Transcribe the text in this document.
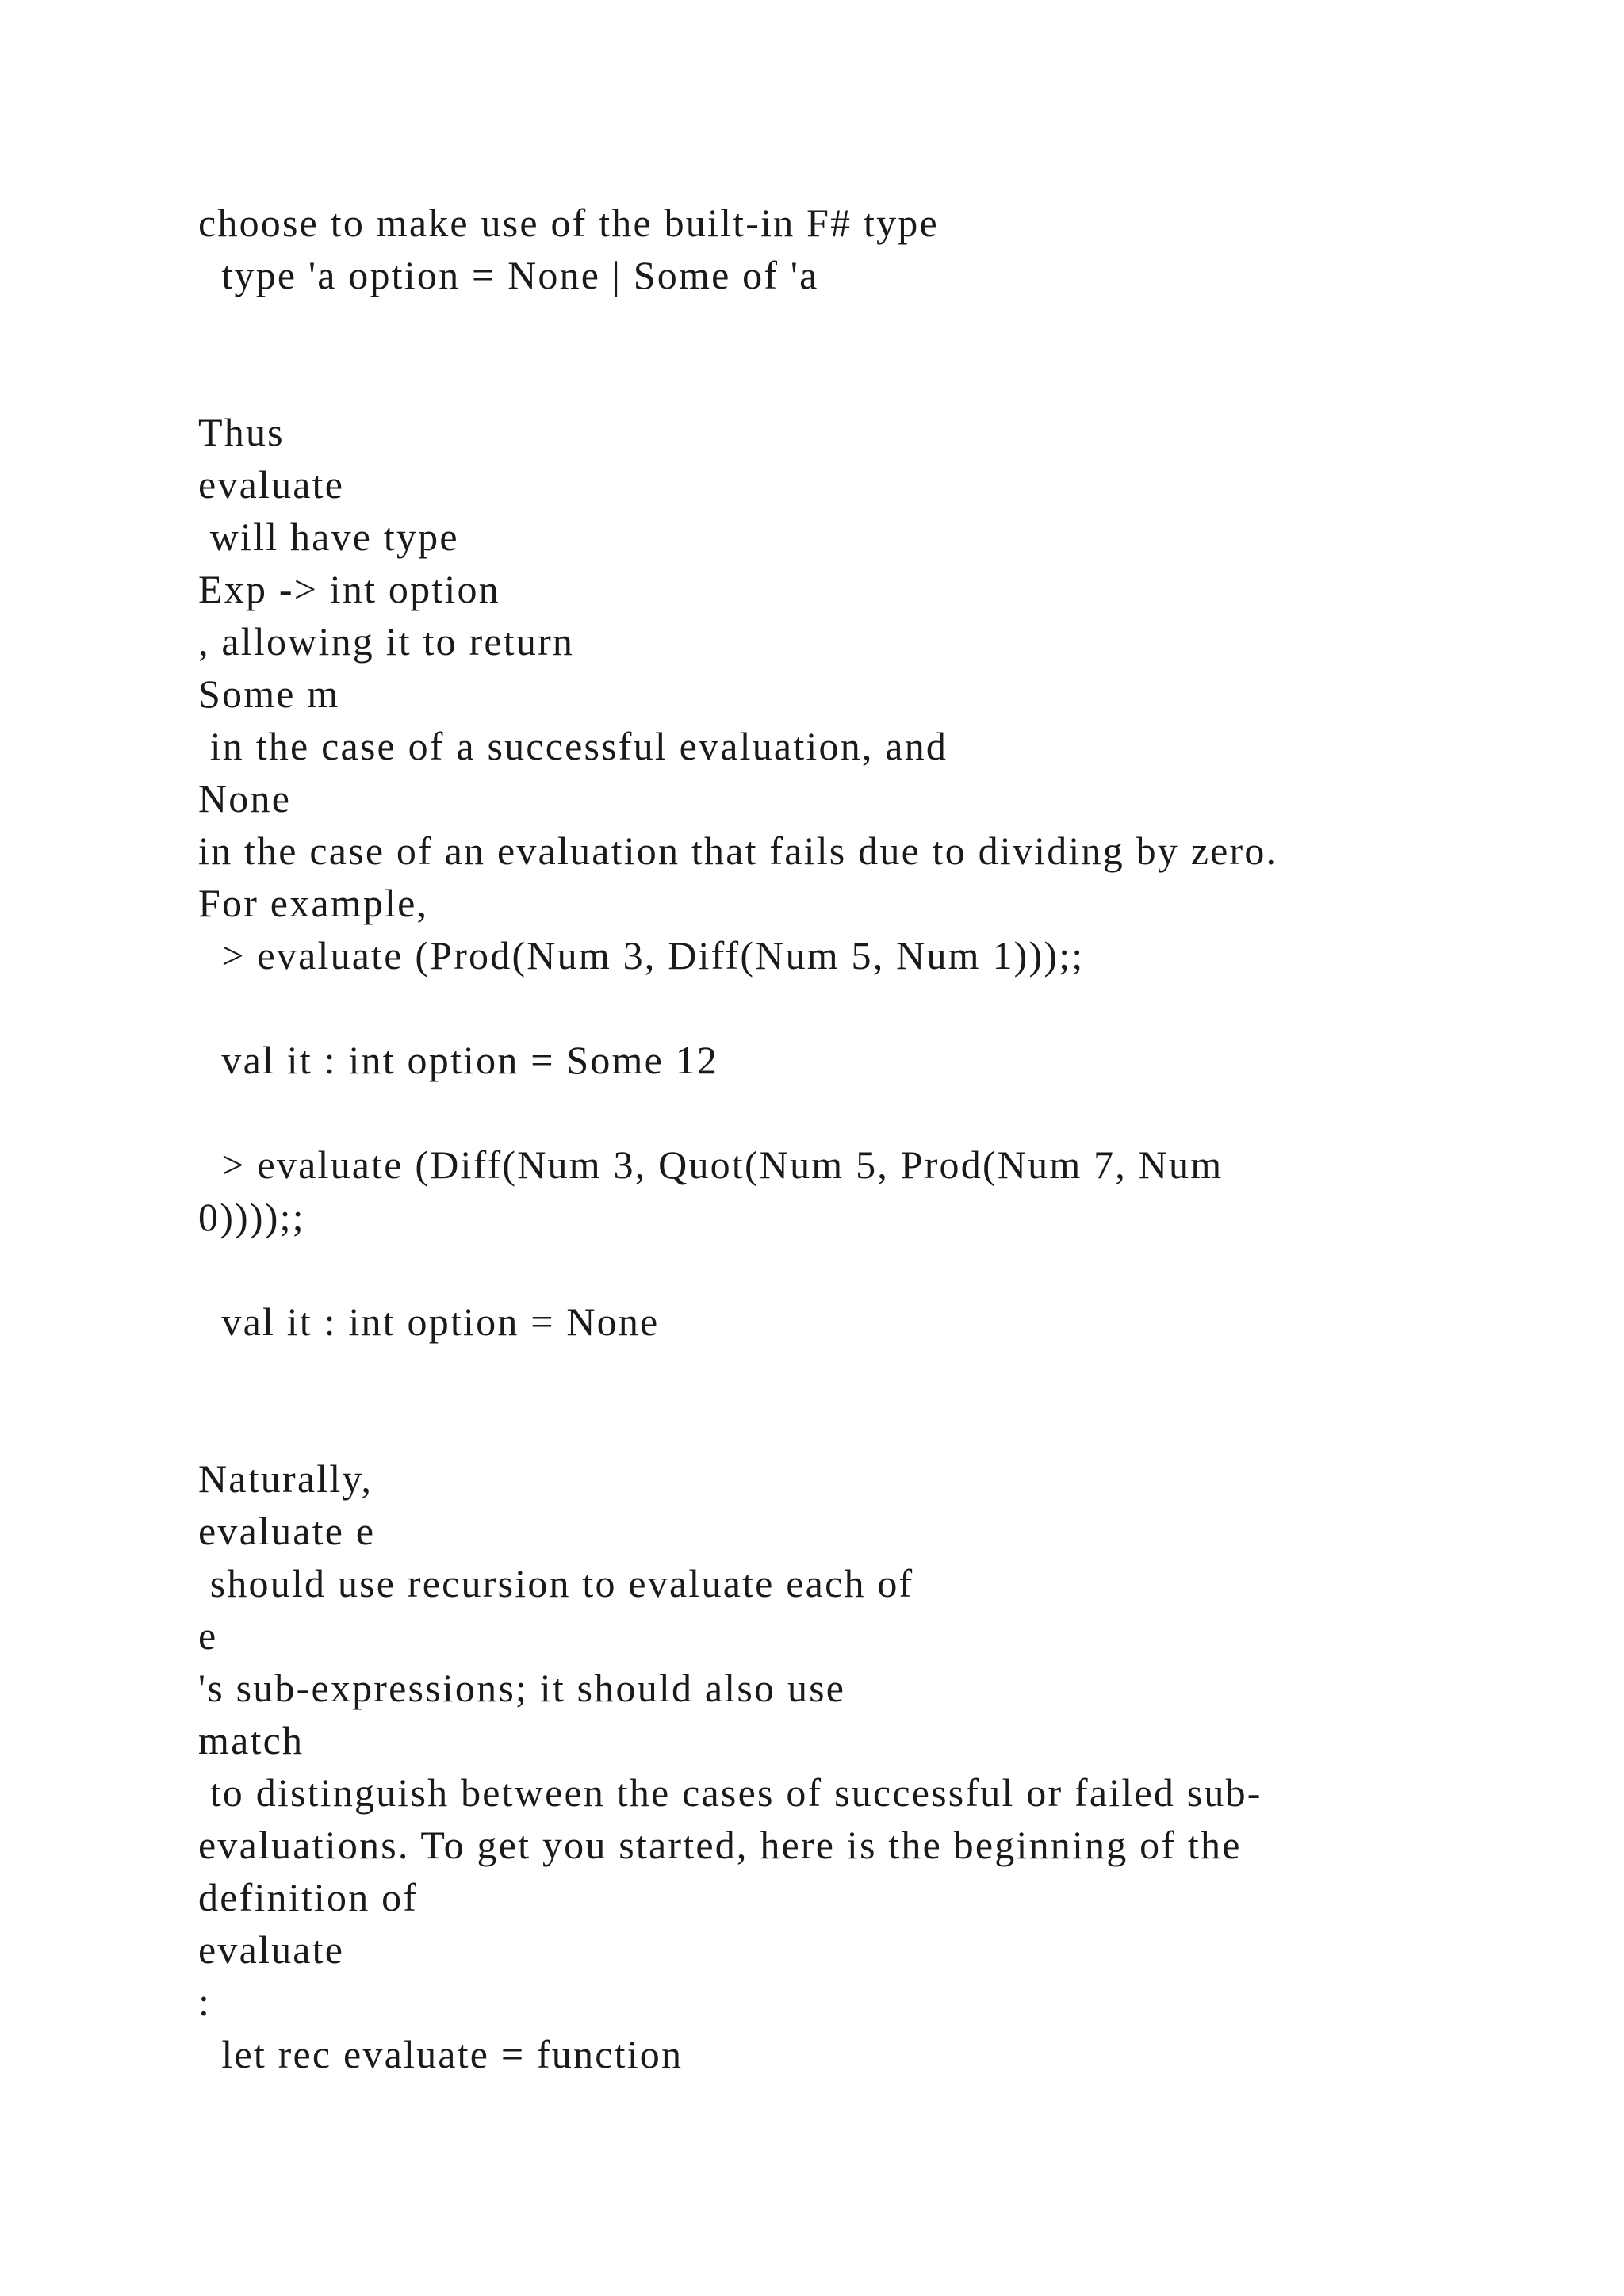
choose to make use of the built-in F# type

type 'a option = None | Some of 'a

Thus

evaluate

will have type

Exp -> int option

, allowing it to return

Some m

in the case of a successful evaluation, and

None

in the case of an evaluation that fails due to dividing by zero.

For example,

> evaluate (Prod(Num 3, Diff(Num 5, Num 1)));;

val it : int option = Some 12

> evaluate (Diff(Num 3, Quot(Num 5, Prod(Num 7, Num

0))));;

val it : int option = None

Naturally,

evaluate e

should use recursion to evaluate each of

e

's sub-expressions; it should also use

match

to distinguish between the cases of successful or failed sub-

evaluations. To get you started, here is the beginning of the

definition of

evaluate

:

let rec evaluate = function
